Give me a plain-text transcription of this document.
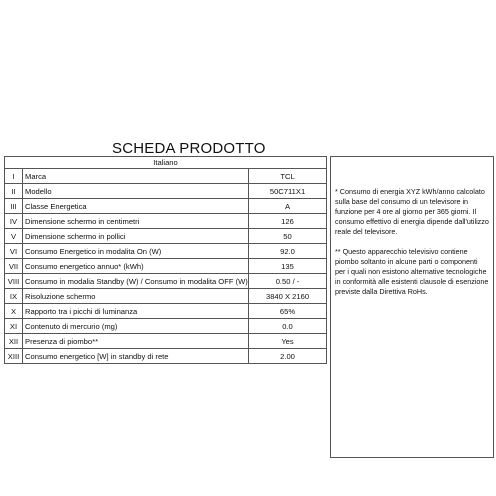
SCHEDA PRODOTTO
Italiano		
I	Marca	TCL
II	Modello	50C711X1
III	Classe Energetica	A
IV	Dimensione schermo in centimetri	126
V	Dimensione schermo in pollici	50
VI	Consumo Energetico in modalita On (W)	92.0
VII	Consumo energetico annuo* (kWh)	135
VIII	Consumo in modalia Standby (W) / Consumo in modalita OFF (W)	0.50 / -
IX	Risoluzione schermo	3840 X 2160
X	Rapporto tra i picchi di luminanza	65%
XI	Contenuto di mercurio (mg)	0.0
XII	Presenza di piombo**	Yes
XIII	Consumo energetico [W] in standby di rete	2.00

* Consumo di energia XYZ kWh/anno calcolato sulla base del consumo di un televisore in funzione per 4 ore al giorno per 365 giorni. Il consumo effettivo di energia dipende dall'utilizzo reale del televisore.

** Questo apparecchio televisivo contiene piombo soltanto in alcune parti o componenti per i quali non esistono alternative tecnologiche in conformità alle esistenti clausole di esenzione previste dalla Direttiva RoHs.
